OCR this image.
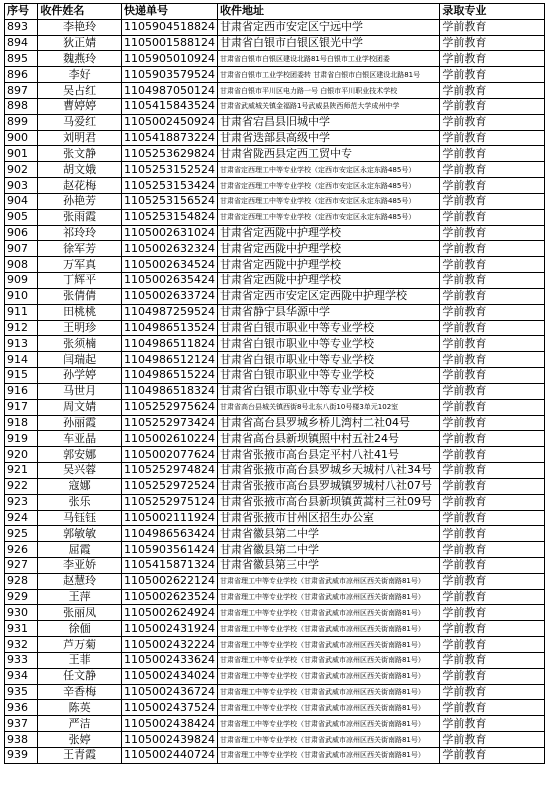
序号	收件姓名	快递单号	收件地址	录取专业
893	李艳玲	1105904518824	甘肃省定西市安定区宁远中学	学前教育
894	狄正婧	1105001588124	甘肃省白银市白银区银光中学	学前教育
895	魏燕玲	1105905010924	甘肃省白银市白银区建设北路81号白银市工业学校团委	学前教育
896	李好	1105903579524	甘肃省白银市工业学校团委转 甘肃省白银市白银区建设北路81号	学前教育
897	吴占红	1104987050124	甘肃省白银市平川区电力路一号 白银市平川职业技术学校	学前教育
898	曹婷婷	1105415843524	甘肃省武威城关镇金福路1号武威县陕西师范大学成州中学	学前教育
899	马爱红	1105002450924	甘肃省宕昌县旧城中学	学前教育
900	刘明君	1105418873224	甘肃省迭部县高级中学	学前教育
901	张文静	1105253629824	甘肃省陇西县定西工贸中专	学前教育
902	胡文娥	1105253152524	甘肃省定西理工中等专业学校（定西市安定区永定东路485号）	学前教育
903	赵花梅	1105253153424	甘肃省定西理工中等专业学校（定西市安定区永定东路485号）	学前教育
904	孙艳芳	1105253156524	甘肃省定西理工中等专业学校（定西市安定区永定东路485号）	学前教育
905	张雨霞	1105253154824	甘肃省定西理工中等专业学校（定西市安定区永定东路485号）	学前教育
906	祁玲玲	1105002631024	甘肃省定西陇中护理学校	学前教育
907	徐军芳	1105002632324	甘肃省定西陇中护理学校	学前教育
908	万军真	1105002634524	甘肃省定西陇中护理学校	学前教育
909	丁辉平	1105002635424	甘肃省定西陇中护理学校	学前教育
910	张倩倩	1105002633724	甘肃省定西市安定区定西陇中护理学校	学前教育
911	田桃桃	1104987259524	甘肃省静宁县华源中学	学前教育
912	王明珍	1104986513524	甘肃省白银市职业中等专业学校	学前教育
913	张须楠	1104986511824	甘肃省白银市职业中等专业学校	学前教育
914	闫瑞起	1104986512124	甘肃省白银市职业中等专业学校	学前教育
915	孙学婷	1104986515224	甘肃省白银市职业中等专业学校	学前教育
916	马世月	1104986518324	甘肃省白银市职业中等专业学校	学前教育
917	周文婧	1105252975624	甘肃省高台县城关镇西街8号北东八街10号楼3单元102室	学前教育
918	孙丽霞	1105252973424	甘肃省高台县罗城乡桥儿湾村二社04号	学前教育
919	车亚晶	1105002610224	甘肃省高台县新坝镇照中村五社24号	学前教育
920	郭安娜	1105002077624	甘肃省张掖市高台县定平村八社41号	学前教育
921	吴兴蓉	1105252974824	甘肃省张掖市高台县罗城乡天城村八社34号	学前教育
922	寇娜	1105252972524	甘肃省张掖市高台县罗城镇罗城村八社07号	学前教育
923	张乐	1105252975124	甘肃省张掖市高台县新坝镇黄蒿村三社09号	学前教育
924	马钰钰	1105002111924	甘肃省张掖市甘州区招生办公室	学前教育
925	郭敏敏	1104986563424	甘肃省徽县第二中学	学前教育
926	屈霞	1105903561424	甘肃省徽县第二中学	学前教育
927	李亚娇	1105415871324	甘肃省徽县第三中学	学前教育
928	赵慧玲	1105002622124	甘肃省理工中等专业学校（甘肃省武威市凉州区西关街南路81号）	学前教育
929	王萍	1105002623524	甘肃省理工中等专业学校（甘肃省武威市凉州区西关街南路81号）	学前教育
930	张丽凤	1105002624924	甘肃省理工中等专业学校（甘肃省武威市凉州区西关街南路81号）	学前教育
931	徐偭	1105002431924	甘肃省理工中等专业学校（甘肃省武威市凉州区西关街南路81号）	学前教育
932	芦万菊	1105002432224	甘肃省理工中等专业学校（甘肃省武威市凉州区西关街南路81号）	学前教育
933	王菲	1105002433624	甘肃省理工中等专业学校（甘肃省武威市凉州区西关街南路81号）	学前教育
934	任文静	1105002434024	甘肃省理工中等专业学校（甘肃省武威市凉州区西关街南路81号）	学前教育
935	辛香梅	1105002436724	甘肃省理工中等专业学校（甘肃省武威市凉州区西关街南路81号）	学前教育
936	陈英	1105002437524	甘肃省理工中等专业学校（甘肃省武威市凉州区西关街南路81号）	学前教育
937	严洁	1105002438424	甘肃省理工中等专业学校（甘肃省武威市凉州区西关街南路81号）	学前教育
938	张婷	1105002439824	甘肃省理工中等专业学校（甘肃省武威市凉州区西关街南路81号）	学前教育
939	王青霞	1105002440724	甘肃省理工中等专业学校（甘肃省武威市凉州区西关街南路81号）	学前教育
